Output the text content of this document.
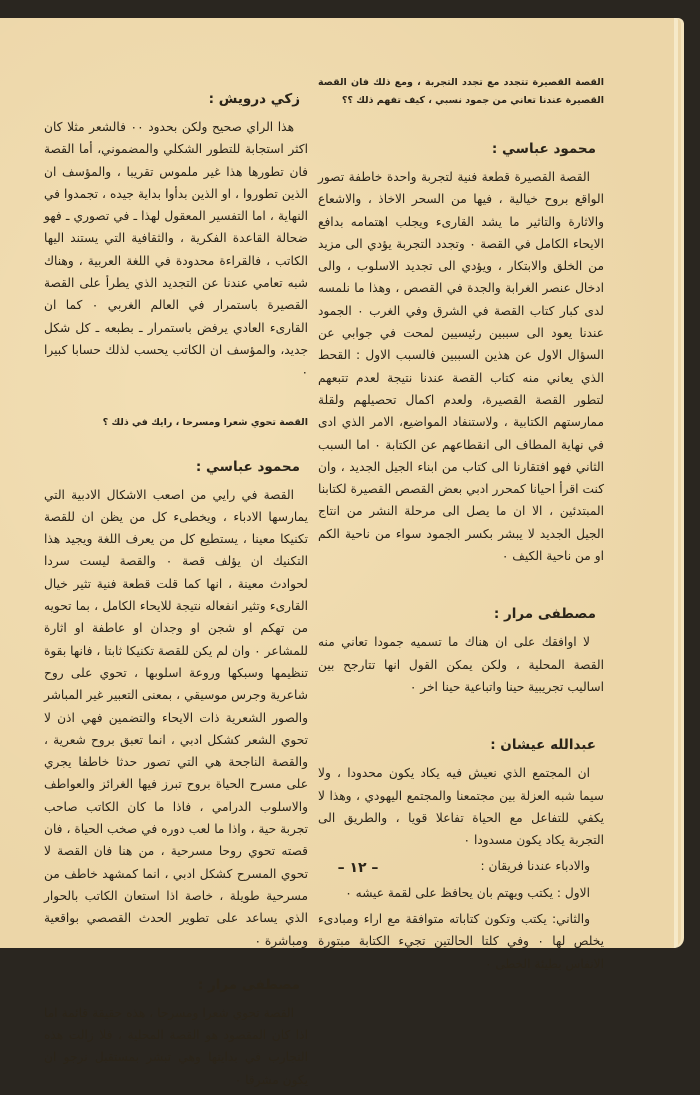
القصة القصيرة تتجدد مع تجدد التجربة ، ومع ذلك فان القصة القصيرة عندنا تعاني من جمود نسبي ، كيف تفهم ذلك ؟؟
محمود عباسي :

القصة القصيرة قطعة فنية لتجربة واحدة خاطفة تصور الواقع بروح خيالية ، فيها من السحر الاخاذ ، والاشعاع والاثارة والتاثير ما يشد القارىء ويجلب اهتمامه بدافع الايحاء الكامل في القصة ٠ وتجدد التجربة يؤدي الى مزيد من الخلق والابتكار ، ويؤدي الى تجديد الاسلوب ، والى ادخال عنصر الغرابة والجدة في القصص ، وهذا ما نلمسه لدى كبار كتاب القصة في الشرق وفي الغرب ٠ الجمود عندنا يعود الى سببين رئيسيين لمحت في جوابي عن السؤال الاول عن هذين السببين فالسبب الاول : القحط الذي يعاني منه كتاب القصة عندنا نتيجة لعدم تتبعهم لتطور القصة القصيرة، ولعدم اكمال تحصيلهم ولقلة ممارستهم الكتابية ، ولاستنفاد المواضيع، الامر الذي ادى في نهاية المطاف الى انقطاعهم عن الكتابة ٠ اما السبب الثاني فهو افتقارنا الى كتاب من ابناء الجيل الجديد ، وان كنت اقرأ احيانا كمحرر ادبي بعض القصص القصيرة لكتابنا المبتدئين ، الا ان ما يصل الى مرحلة النشر من انتاج الجيل الجديد لا يبشر بكسر الجمود سواء من ناحية الكم او من ناحية الكيف ٠

مصطفى مرار :

لا اوافقك على ان هناك ما تسميه جمودا تعاني منه القصة المحلية ، ولكن يمكن القول انها تتارجح بين اساليب تجريبية حينا واتباعية حينا اخر ٠

عبدالله عيشان :

ان المجتمع الذي نعيش فيه يكاد يكون محدودا ، ولا سيما شبه العزلة بين مجتمعنا والمجتمع اليهودي ، وهذا لا يكفي للتفاعل مع الحياة تفاعلا قويا ، والطريق الى التجربة يكاد يكون مسدودا ٠

والادباء عندنا فريقان :

الاول : يكتب ويهتم بان يحافظ على لقمة عيشه ٠

والثاني: يكتب وتكون كتاباته متوافقة مع اراء ومبادىء يخلص لها ٠ وفي كلتا الحالتين تجيء الكتابة مبتورة الانفاس بطيئة الخطى ٠

زكي درويش :

هذا الراي صحيح ولكن بحدود ٠٠ فالشعر مثلا كان اكثر استجابة للتطور الشكلي والمضموني، أما القصة فان تطورها هذا غير ملموس تقريبا ، والمؤسف ان الذين تطوروا ، او الذين بدأوا بداية جيده ، تجمدوا في النهاية ، اما التفسير المعقول لهذا ـ في تصوري ـ فهو ضحالة القاعدة الفكرية ، والثقافية التي يستند اليها الكاتب ، فالقراءة محدودة في اللغة العربية ، وهناك شبه تعامي عندنا عن التجديد الذي يطرأ على القصة القصيرة باستمرار في العالم الغربي ٠ كما ان القارىء العادي يرفض باستمرار ـ بطبعه ـ كل شكل جديد، والمؤسف ان الكاتب يحسب لذلك حسابا كبيرا ٠

القصة تحوي شعرا ومسرحا ، رايك في ذلك ؟
محمود عباسي :

القصة في رايي من اصعب الاشكال الادبية التي يمارسها الادباء ، ويخطىء كل من يظن ان للقصة تكنيكا معينا ، يستطيع كل من يعرف اللغة ويجيد هذا التكنيك ان يؤلف قصة ٠ والقصة ليست سردا لحوادث معينة ، انها كما قلت قطعة فنية تثير خيال القارىء وتثير انفعاله نتيجة للايحاء الكامل ، بما تحويه من تهكم او شجن او وجدان او عاطفة او اثارة للمشاعر ٠ وان لم يكن للقصة تكنيكا ثابتا ، فانها بقوة تنظيمها وسبكها وروعة اسلوبها ، تحوي على روح شاعرية وجرس موسيقي ، بمعنى التعبير غير المباشر والصور الشعرية ذات الايحاء والتضمين فهي اذن لا تحوي الشعر كشكل ادبي ، انما تعبق بروح شعرية ، والقصة الناجحة هي التي تصور حدثا خاطفا يجري على مسرح الحياة بروح تبرز فيها الغرائز والعواطف والاسلوب الدرامي ، فاذا ما كان الكاتب صاحب تجربة حية ، واذا ما لعب دوره في صخب الحياة ، فان قصته تحوي روحا مسرحية ، من هنا فان القصة لا تحوي المسرح كشكل ادبي ، انما كمشهد خاطف من مسرحية طويلة ، خاصة اذا استعان الكاتب بالحوار الذي يساعد على تطوير الحدث القصصي بواقعية ومباشرة ٠

مصطفى مرار :

القصة تحوي شعرا ومسرحا ، هذه حقيقة قائمة اما اذا كان المقصود هو القصة المحلية ، فلا زالت هذه التجارب في بدايتها وهي تبشر بمستقبل نرجو ان يكون مشرقا ٠

– ١٢ –
